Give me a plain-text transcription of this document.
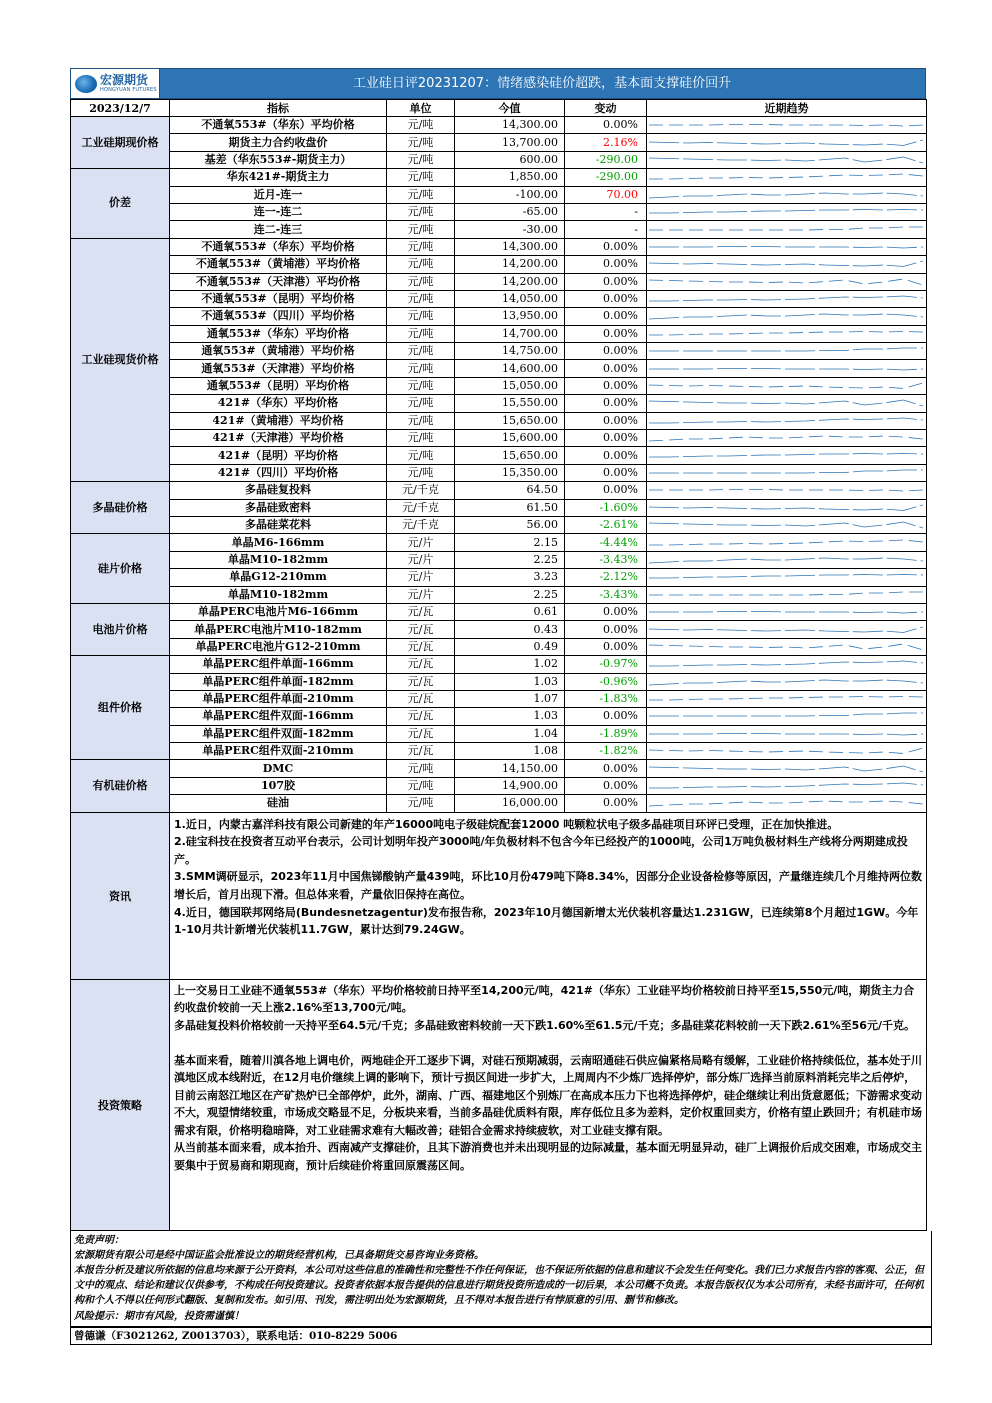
宏源期货
HONGYUAN FUTURES	工业硅日评20231207：情绪感染硅价超跌，基本面支撑硅价回升
2023/12/7	指标	单位	今值	变动	近期趋势
工业硅期现价格	不通氧553#（华东）平均价格	元/吨	14,300.00	0.00%	

	期货主力合约收盘价	元/吨	13,700.00	2.16%	

	基差（华东553#-期货主力）	元/吨	600.00	-290.00	

价差	华东421#-期货主力	元/吨	1,850.00	-290.00	

	近月-连一	元/吨	-100.00	70.00	

	连一-连二	元/吨	-65.00	-	

	连二-连三	元/吨	-30.00	-	

工业硅现货价格	不通氧553#（华东）平均价格	元/吨	14,300.00	0.00%	

	不通氧553#（黄埔港）平均价格	元/吨	14,200.00	0.00%	

	不通氧553#（天津港）平均价格	元/吨	14,200.00	0.00%	

	不通氧553#（昆明）平均价格	元/吨	14,050.00	0.00%	

	不通氧553#（四川）平均价格	元/吨	13,950.00	0.00%	

	通氧553#（华东）平均价格	元/吨	14,700.00	0.00%	

	通氧553#（黄埔港）平均价格	元/吨	14,750.00	0.00%	

	通氧553#（天津港）平均价格	元/吨	14,600.00	0.00%	

	通氧553#（昆明）平均价格	元/吨	15,050.00	0.00%	

	421#（华东）平均价格	元/吨	15,550.00	0.00%	

	421#（黄埔港）平均价格	元/吨	15,650.00	0.00%	

	421#（天津港）平均价格	元/吨	15,600.00	0.00%	

	421#（昆明）平均价格	元/吨	15,650.00	0.00%	

	421#（四川）平均价格	元/吨	15,350.00	0.00%	

多晶硅价格	多晶硅复投料	元/千克	64.50	0.00%	

	多晶硅致密料	元/千克	61.50	-1.60%	

	多晶硅菜花料	元/千克	56.00	-2.61%	

硅片价格	单晶M6-166mm	元/片	2.15	-4.44%	

	单晶M10-182mm	元/片	2.25	-3.43%	

	单晶G12-210mm	元/片	3.23	-2.12%	

	单晶M10-182mm	元/片	2.25	-3.43%	

电池片价格	单晶PERC电池片M6-166mm	元/瓦	0.61	0.00%	

	单晶PERC电池片M10-182mm	元/瓦	0.43	0.00%	

	单晶PERC电池片G12-210mm	元/瓦	0.49	0.00%	

组件价格	单晶PERC组件单面-166mm	元/瓦	1.02	-0.97%	

	单晶PERC组件单面-182mm	元/瓦	1.03	-0.96%	

	单晶PERC组件单面-210mm	元/瓦	1.07	-1.83%	

	单晶PERC组件双面-166mm	元/瓦	1.03	0.00%	

	单晶PERC组件双面-182mm	元/瓦	1.04	-1.89%	

	单晶PERC组件双面-210mm	元/瓦	1.08	-1.82%	

有机硅价格	DMC	元/吨	14,150.00	0.00%	

	107胶	元/吨	14,900.00	0.00%	

	硅油	元/吨	16,000.00	0.00%	

资讯	1.近日，内蒙古嘉洋科技有限公司新建的年产16000吨电子级硅烷配套12000 吨颗粒状电子级多晶硅项目环评已受理，正在加快推进。

2.硅宝科技在投资者互动平台表示，公司计划明年投产3000吨/年负极材料不包含今年已经投产的1000吨，公司1万吨负极材料生产线将分两期建成投产。

3.SMM调研显示，2023年11月中国焦锑酸钠产量439吨，环比10月份479吨下降8.34%，因部分企业设备检修等原因，产量继连续几个月维持两位数增长后，首月出现下滑。但总体来看，产量依旧保持在高位。

4.近日，德国联邦网络局(Bundesnetzagentur)发布报告称，2023年10月德国新增太光伏装机容量达1.231GW，已连续第8个月超过1GW。今年1-10月共计新增光伏装机11.7GW，累计达到79.24GW。				

投资策略	上一交易日工业硅不通氧553#（华东）平均价格较前日持平至14,200元/吨，421#（华东）工业硅平均价格较前日持平至15,550元/吨，期货主力合约收盘价较前一天上涨2.16%至13,700元/吨。

多晶硅复投料价格较前一天持平至64.5元/千克；多晶硅致密料较前一天下跌1.60%至61.5元/千克；多晶硅菜花料较前一天下跌2.61%至56元/千克。

基本面来看，随着川滇各地上调电价，两地硅企开工逐步下调，对硅石预期减弱，云南昭通硅石供应偏紧格局略有缓解，工业硅价格持续低位，基本处于川滇地区成本线附近，在12月电价继续上调的影响下，预计亏损区间进一步扩大，上周周内不少炼厂选择停炉，部分炼厂选择当前原料消耗完毕之后停炉，目前云南怒江地区在产矿热炉已全部停炉，此外，湖南、广西、福建地区个别炼厂在高成本压力下也将选择停炉，硅企继续让利出货意愿低；下游需求变动不大，观望情绪较重，市场成交略显不足，分板块来看，当前多晶硅优质料有限，库存低位且多为差料，定价权重回卖方，价格有望止跌回升；有机硅市场需求有限，价格明稳暗降，对工业硅需求难有大幅改善；硅铝合金需求持续疲软，对工业硅支撑有限。

从当前基本面来看，成本抬升、西南减产支撑硅价，且其下游消费也并未出现明显的边际减量，基本面无明显异动，硅厂上调报价后成交困难，市场成交主要集中于贸易商和期现商，预计后续硅价将重回原震荡区间。				

免责声明：

宏源期货有限公司是经中国证监会批准设立的期货经营机构，已具备期货交易咨询业务资格。

本报告分析及建议所依据的信息均来源于公开资料，本公司对这些信息的准确性和完整性不作任何保证，也不保证所依据的信息和建议不会发生任何变化。我们已力求报告内容的客观、公正，但文中的观点、结论和建议仅供参考，不构成任何投资建议。投资者依据本报告提供的信息进行期货投资所造成的一切后果，本公司概不负责。本报告版权仅为本公司所有，未经书面许可，任何机构和个人不得以任何形式翻版、复制和发布。如引用、刊发，需注明出处为宏源期货，且不得对本报告进行有悖原意的引用、删节和修改。

风险提示：期市有风险，投资需谨慎！

曾德谦（F3021262, Z0013703），联系电话：010-8229 5006
